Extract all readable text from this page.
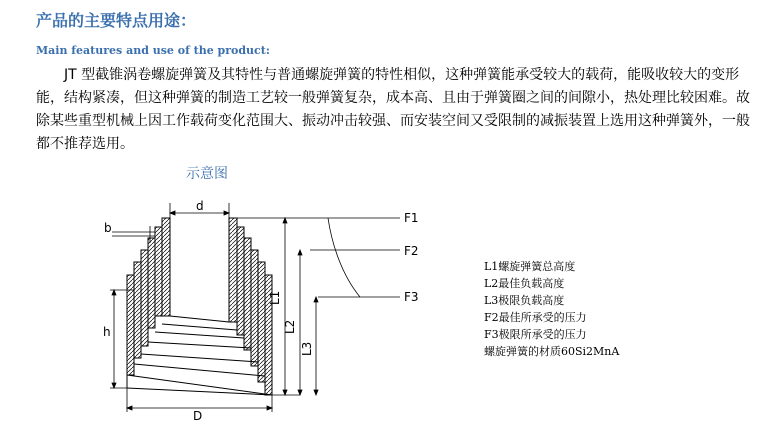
产品的主要特点用途：
Main features and use of the product:

JT 型截锥涡卷螺旋弹簧及其特性与普通螺旋弹簧的特性相似，这种弹簧能承受较大的载荷，能吸收较大的变形能，结构紧凑，但这种弹簧的制造工艺较一般弹簧复杂，成本高、且由于弹簧圈之间的间隙小，热处理比较困难。故除某些重型机械上因工作载荷变化范围大、振动冲击较强、而安装空间又受限制的减振装置上选用这种弹簧外，一般都不推荐选用。

示意图
d
b
h
D
L1
L2
L3
F1
F2
F3
L1螺旋弹簧总高度
L2最佳负载高度
L3极限负载高度
F2最佳所承受的压力
F3极限所承受的压力
螺旋弹簧的材质60Si2MnA
